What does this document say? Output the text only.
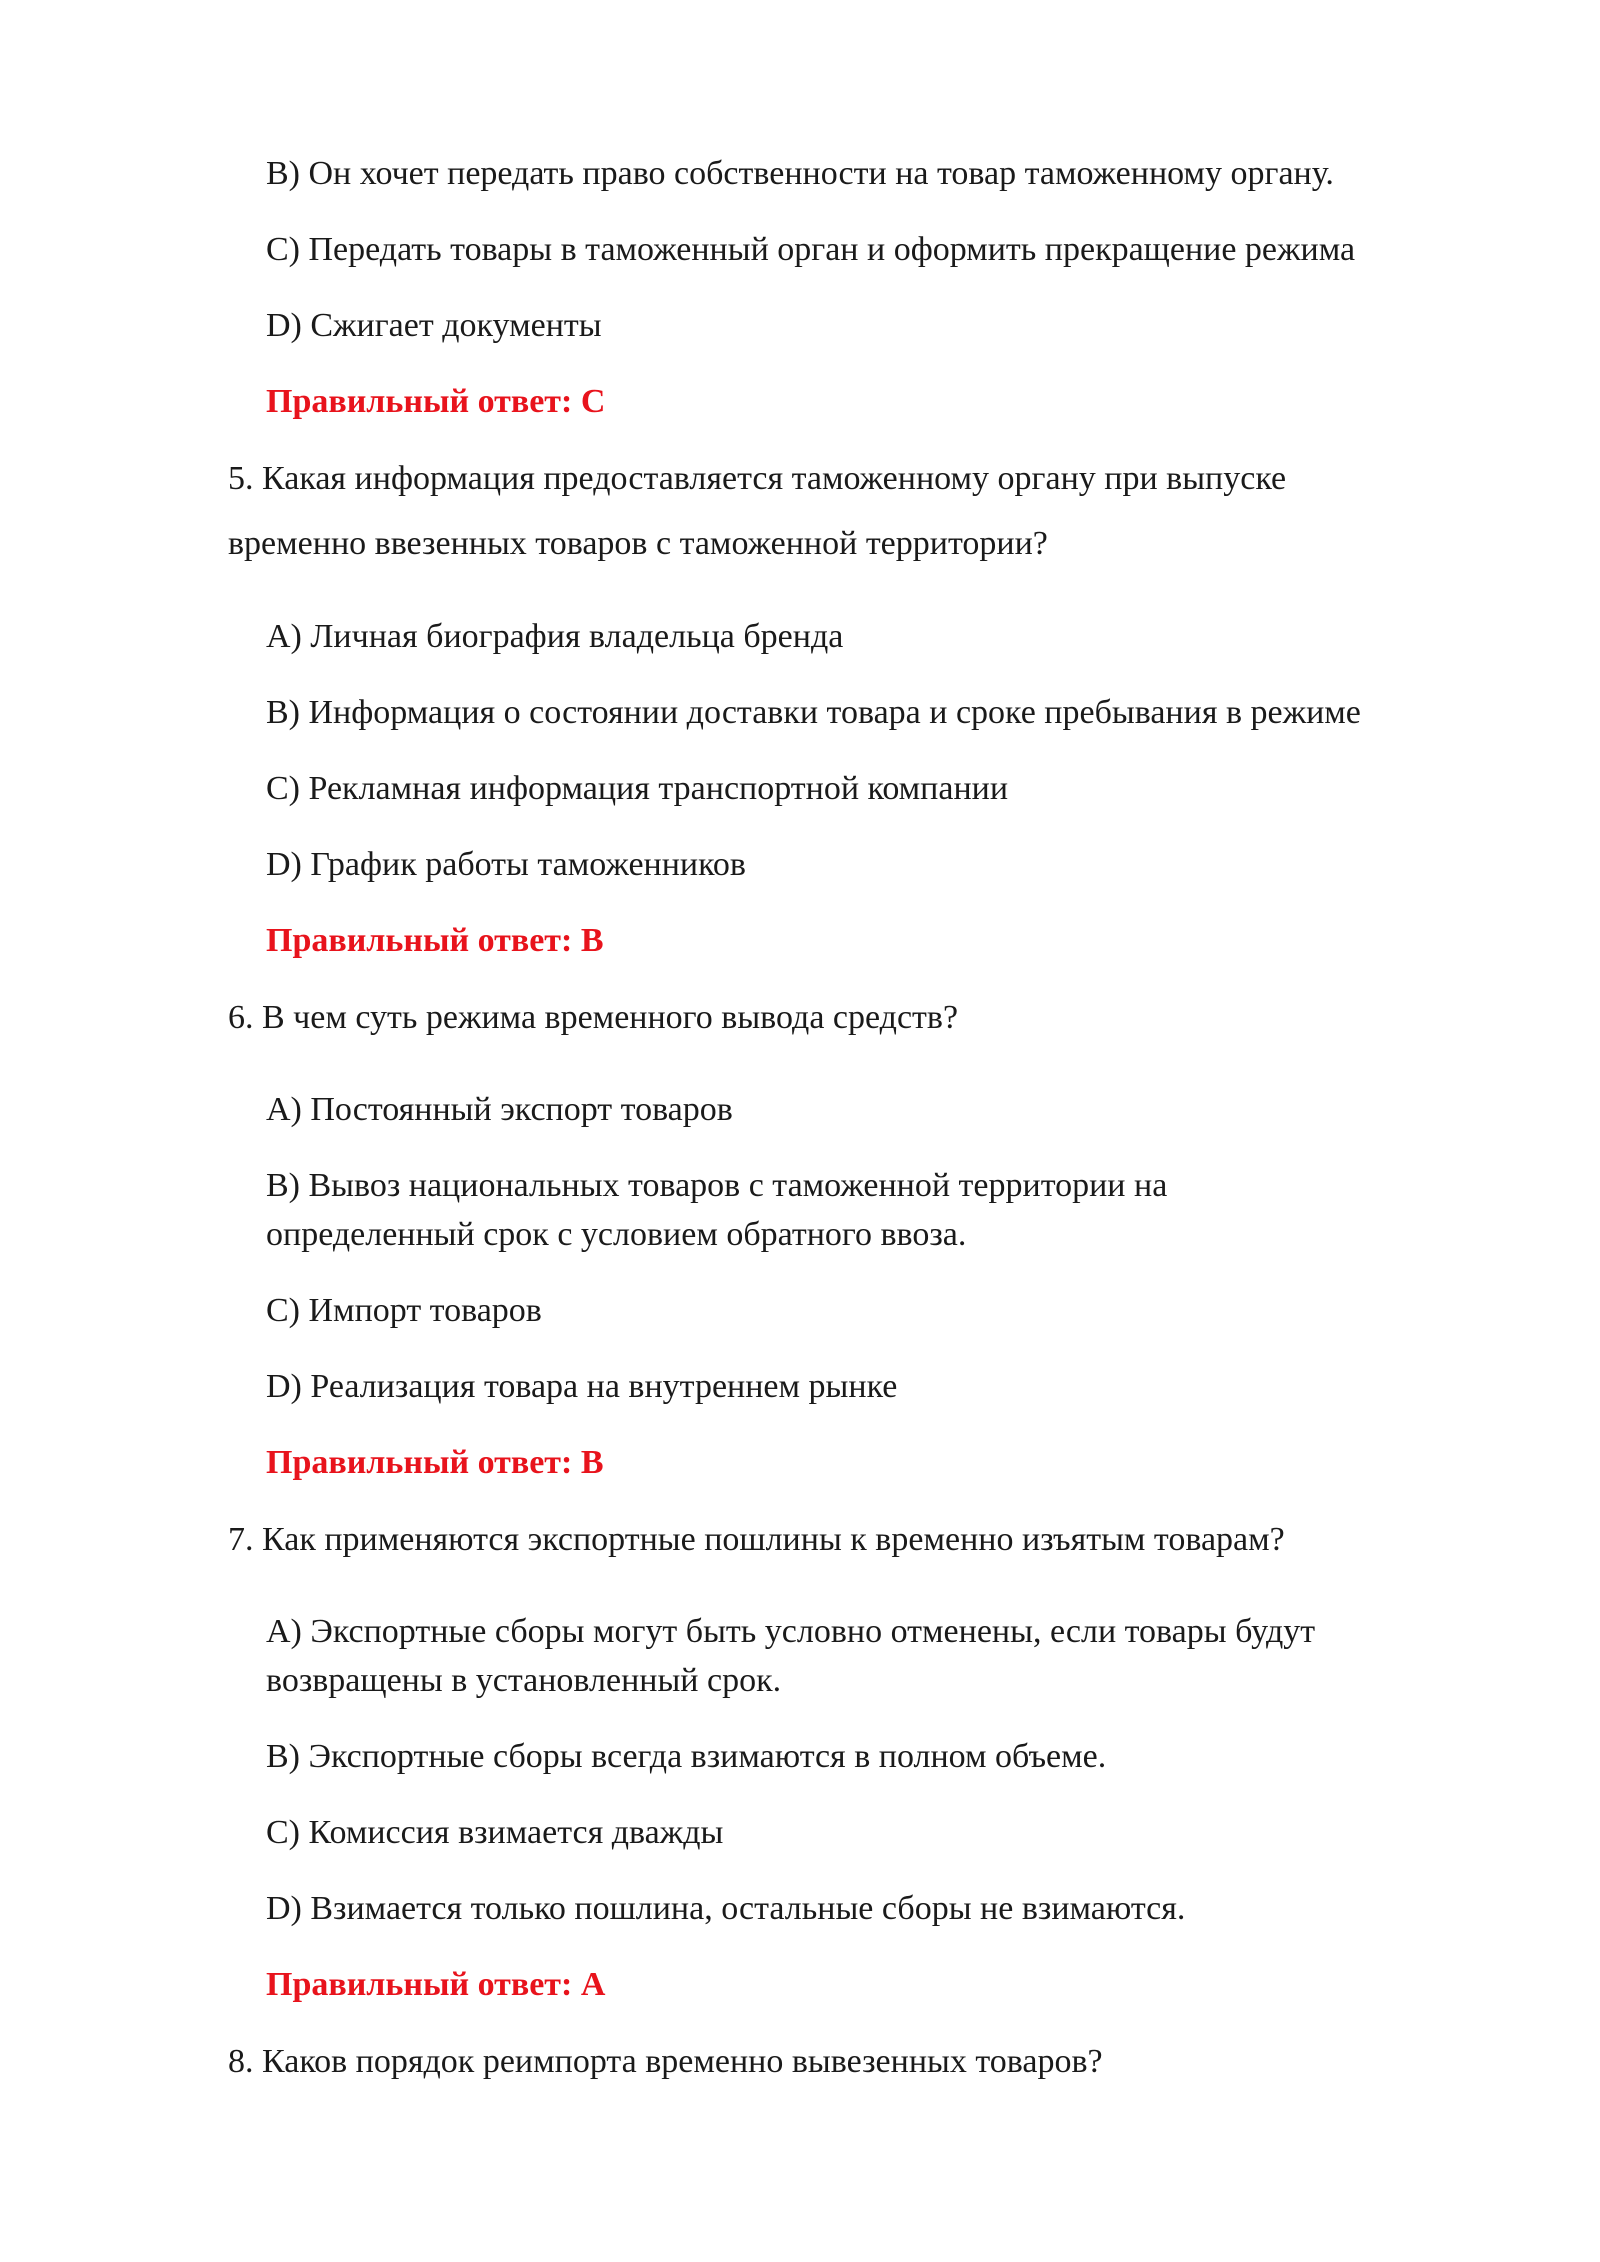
B) Он хочет передать право собственности на товар таможенному органу.

C) Передать товары в таможенный орган и оформить прекращение режима

D) Сжигает документы

Правильный ответ: C

5. Какая информация предоставляется таможенному органу при выпуске

временно ввезенных товаров с таможенной территории?

A) Личная биография владельца бренда

B) Информация о состоянии доставки товара и сроке пребывания в режиме

C) Рекламная информация транспортной компании

D) График работы таможенников

Правильный ответ: B

6. В чем суть режима временного вывода средств?

A) Постоянный экспорт товаров

B) Вывоз национальных товаров с таможенной территории на

определенный срок с условием обратного ввоза.

C) Импорт товаров

D) Реализация товара на внутреннем рынке

Правильный ответ: B

7. Как применяются экспортные пошлины к временно изъятым товарам?

A) Экспортные сборы могут быть условно отменены, если товары будут

возвращены в установленный срок.

B) Экспортные сборы всегда взимаются в полном объеме.

C) Комиссия взимается дважды

D) Взимается только пошлина, остальные сборы не взимаются.

Правильный ответ: A

8. Каков порядок реимпорта временно вывезенных товаров?
